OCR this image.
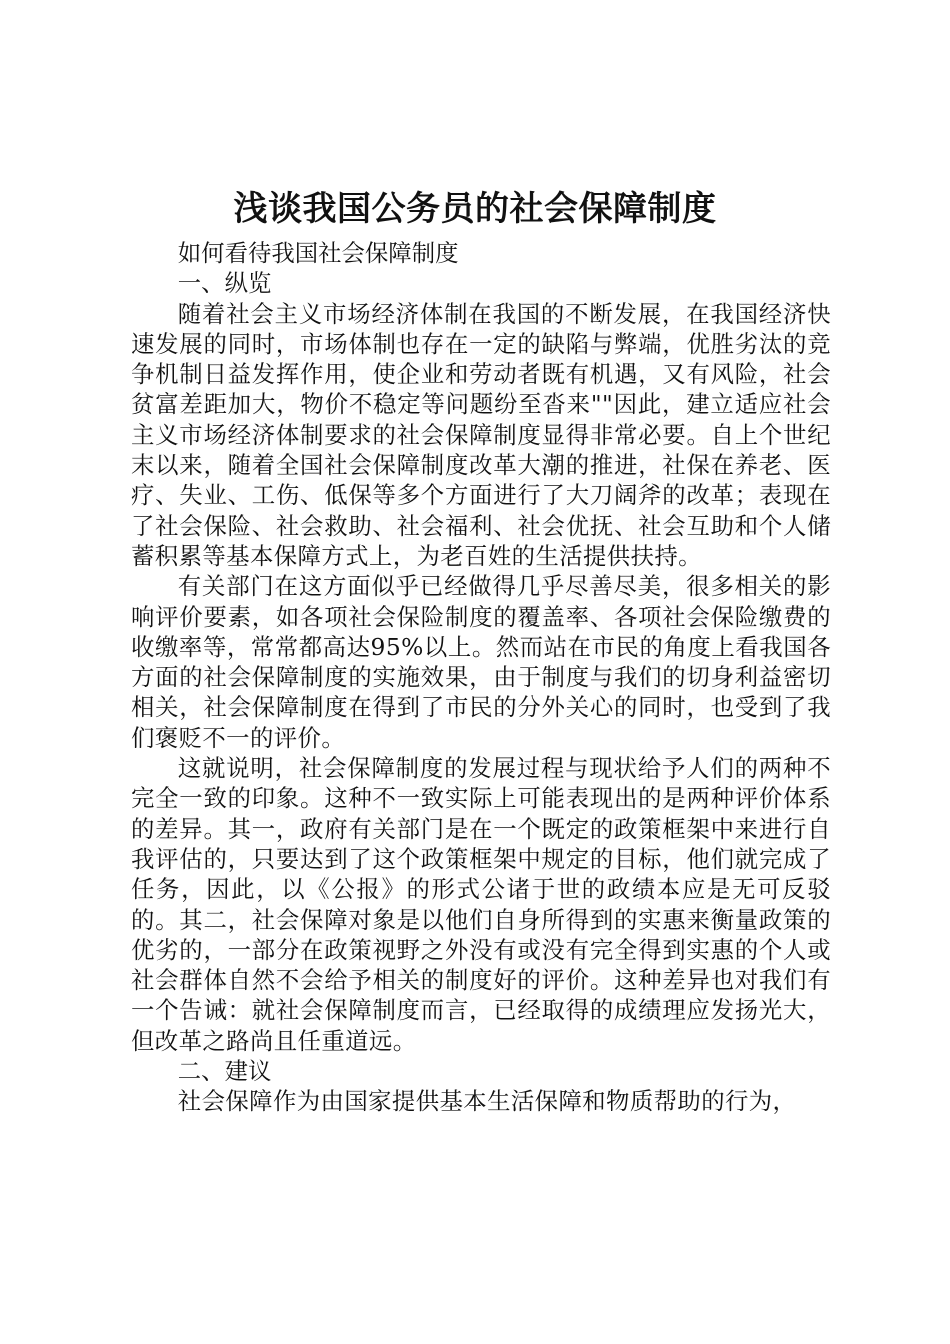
浅谈我国公务员的社会保障制度

如何看待我国社会保障制度

一、纵览

随着社会主义市场经济体制在我国的不断发展，在我国经济快速发展的同时，市场体制也存在一定的缺陷与弊端，优胜劣汰的竞争机制日益发挥作用，使企业和劳动者既有机遇，又有风险，社会贫富差距加大，物价不稳定等问题纷至沓来""因此，建立适应社会主义市场经济体制要求的社会保障制度显得非常必要。自上个世纪末以来，随着全国社会保障制度改革大潮的推进，社保在养老、医疗、失业、工伤、低保等多个方面进行了大刀阔斧的改革；表现在了社会保险、社会救助、社会福利、社会优抚、社会互助和个人储蓄积累等基本保障方式上，为老百姓的生活提供扶持。

有关部门在这方面似乎已经做得几乎尽善尽美，很多相关的影响评价要素，如各项社会保险制度的覆盖率、各项社会保险缴费的收缴率等，常常都高达95%以上。然而站在市民的角度上看我国各方面的社会保障制度的实施效果，由于制度与我们的切身利益密切相关，社会保障制度在得到了市民的分外关心的同时，也受到了我们褒贬不一的评价。

这就说明，社会保障制度的发展过程与现状给予人们的两种不完全一致的印象。这种不一致实际上可能表现出的是两种评价体系的差异。其一，政府有关部门是在一个既定的政策框架中来进行自我评估的，只要达到了这个政策框架中规定的目标，他们就完成了任务，因此，以《公报》的形式公诸于世的政绩本应是无可反驳的。其二，社会保障对象是以他们自身所得到的实惠来衡量政策的优劣的，一部分在政策视野之外没有或没有完全得到实惠的个人或社会群体自然不会给予相关的制度好的评价。这种差异也对我们有一个告诫：就社会保障制度而言，已经取得的成绩理应发扬光大，但改革之路尚且任重道远。

二、建议

社会保障作为由国家提供基本生活保障和物质帮助的行为，
